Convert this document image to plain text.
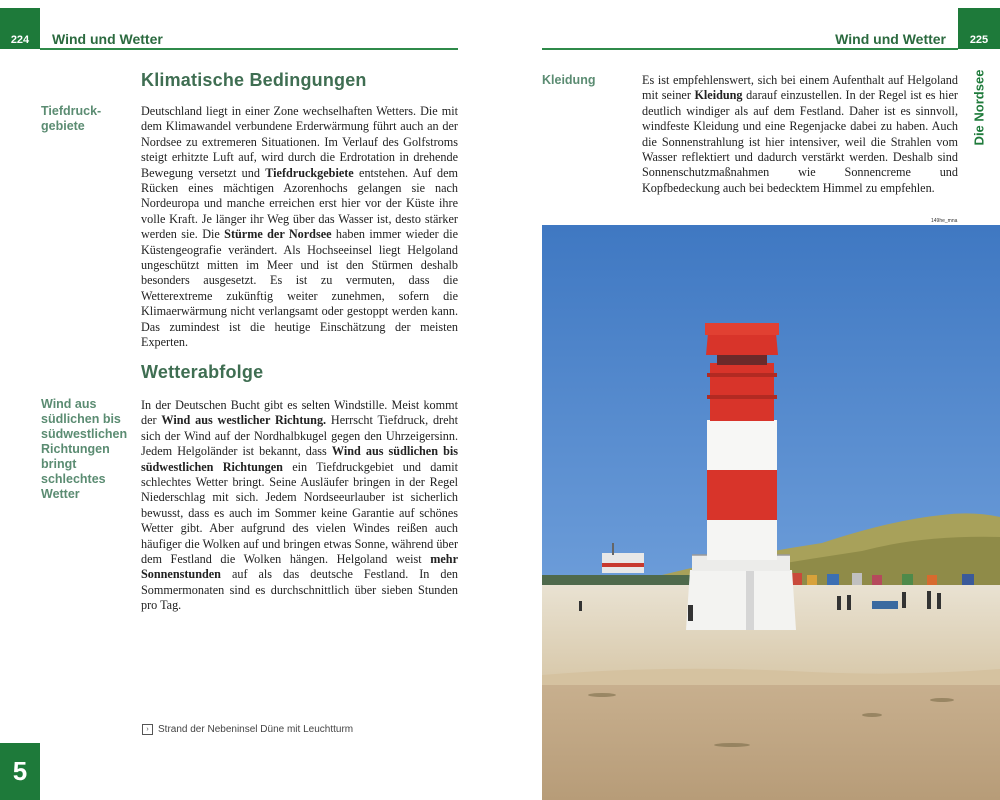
224 Wind und Wetter
Klimatische Bedingungen
Tiefdruck-
gebiete
Deutschland liegt in einer Zone wechselhaften Wetters. Die mit dem Klimawandel verbundene Erderwärmung führt auch an der Nordsee zu extremeren Situationen. Im Verlauf des Golfstroms steigt erhitzte Luft auf, wird durch die Erdrotation in drehende Bewegung versetzt und Tiefdruckgebiete entstehen. Auf dem Rücken eines mächtigen Azorenhochs gelangen sie nach Nordeuropa und manche erreichen erst hier vor der Küste ihre volle Kraft. Je länger ihr Weg über das Wasser ist, desto stärker werden sie. Die Stürme der Nordsee haben immer wieder die Küstengeografie verändert. Als Hochseeinsel liegt Helgoland ungeschützt mitten im Meer und ist den Stürmen deshalb besonders ausgesetzt. Es ist zu vermuten, dass die Wetterextreme zukünftig weiter zunehmen, sofern die Klimaerwärmung nicht verlangsamt oder gestoppt werden kann. Das zumindest ist die heutige Einschätzung der meisten Experten.
Wetterabfolge
Wind aus
südlichen bis
südwestlichen
Richtungen
bringt
schlechtes
Wetter
In der Deutschen Bucht gibt es selten Windstille. Meist kommt der Wind aus westlicher Richtung. Herrscht Tiefdruck, dreht sich der Wind auf der Nordhalbkugel gegen den Uhrzeigersinn. Jedem Helgoländer ist bekannt, dass Wind aus südlichen bis südwestlichen Richtungen ein Tiefdruckgebiet und damit schlechtes Wetter bringt. Seine Ausläufer bringen in der Regel Niederschlag mit sich. Jedem Nordseeurlauber ist sicherlich bewusst, dass es auch im Sommer keine Garantie auf schönes Wetter gibt. Aber aufgrund des vielen Windes reißen auch häufiger die Wolken auf und bringen etwas Sonne, während über dem Festland die Wolken hängen. Helgoland weist mehr Sonnenstunden auf als das deutsche Festland. In den Sommermonaten sind es durchschnittlich über sieben Stunden pro Tag.
› Strand der Nebeninsel Düne mit Leuchtturm
5
Wind und Wetter 225
Die Nordsee
Kleidung	Es ist empfehlenswert, sich bei einem Aufenthalt auf Helgoland mit seiner Kleidung darauf einzustellen. In der Regel ist es hier deutlich windiger als auf dem Festland. Daher ist es sinnvoll, windfeste Kleidung und eine Regenjacke dabei zu haben. Auch die Sonnenstrahlung ist hier intensiver, weil die Strahlen vom Wasser reflektiert und dadurch verstärkt werden. Deshalb sind Sonnenschutzmaßnahmen wie Sonnencreme und Kopfbedeckung auch bei bedecktem Himmel zu empfehlen.
149he_mna
